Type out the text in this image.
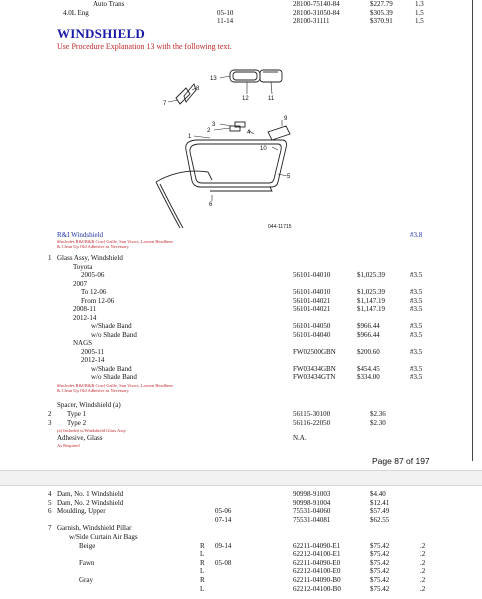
Auto Trans	28100-75140-84	$227.79	1.3
4.0L Eng	05-10	28100-31050-84	$305.39	1.5
11-14	28100-31111	$370.91	1.5
WINDSHIELD
Use Procedure Explanation 13 with the following text.
13
12	11
8
7
3
2
1
4
9
10
5
6
044-11715
R&I Windshield	#3.8
#Includes R&I/R&R Cowl Grille, Sun Visors, Loosen Headliner
& Clean Up Old Adhesive as Necessary
1 Glass Assy, Windshield
Toyota
2005-06	56101-04010	$1,025.39	#3.5
2007
To 12-06	56101-04010	$1,025.39	#3.5
From 12-06	56101-04021	$1,147.19	#3.5
2008-11	56101-04021	$1,147.19	#3.5
2012-14
w/Shade Band	56101-04050	$966.44	#3.5
w/o Shade Band	56101-04040	$966.44	#3.5
NAGS
2005-11	FW02500GBN	$200.60	#3.5
2012-14
w/Shade Band	FW03434GBN	$454.45	#3.5
w/o Shade Band	FW03434GTN	$334.00	#3.5
#Includes R&I/R&R Cowl Grille, Sun Visors, Loosen Headliner
& Clean Up Old Adhesive as Necessary
Spacer, Windshield (a)
2 Type 1	56115-30100	$2.36
3 Type 2	56116-22050	$2.30
(a) Included w/Windshield Glass Assy
Adhesive, Glass	N.A.
As Required
Page 87 of 197
4 Dam, No. 1 Windshield	90998-91003	$4.40
5 Dam, No. 2 Windshield	90998-91004	$12.41
6 Moulding, Upper	05-06	75531-04060	$57.49
07-14	75531-04081	$62.55
7 Garnish, Windshield Pillar
w/Side Curtain Air Bags
Beige	R 09-14	62211-04090-E1	$75.42	.2
L	62212-04100-E1	$75.42	.2
Fawn	R 05-08	62211-04090-E0	$75.42	.2
L	62212-04100-E0	$75.42	.2
Gray	R	62211-04090-B0	$75.42	.2
L	62212-04100-B0	$75.42	.2
